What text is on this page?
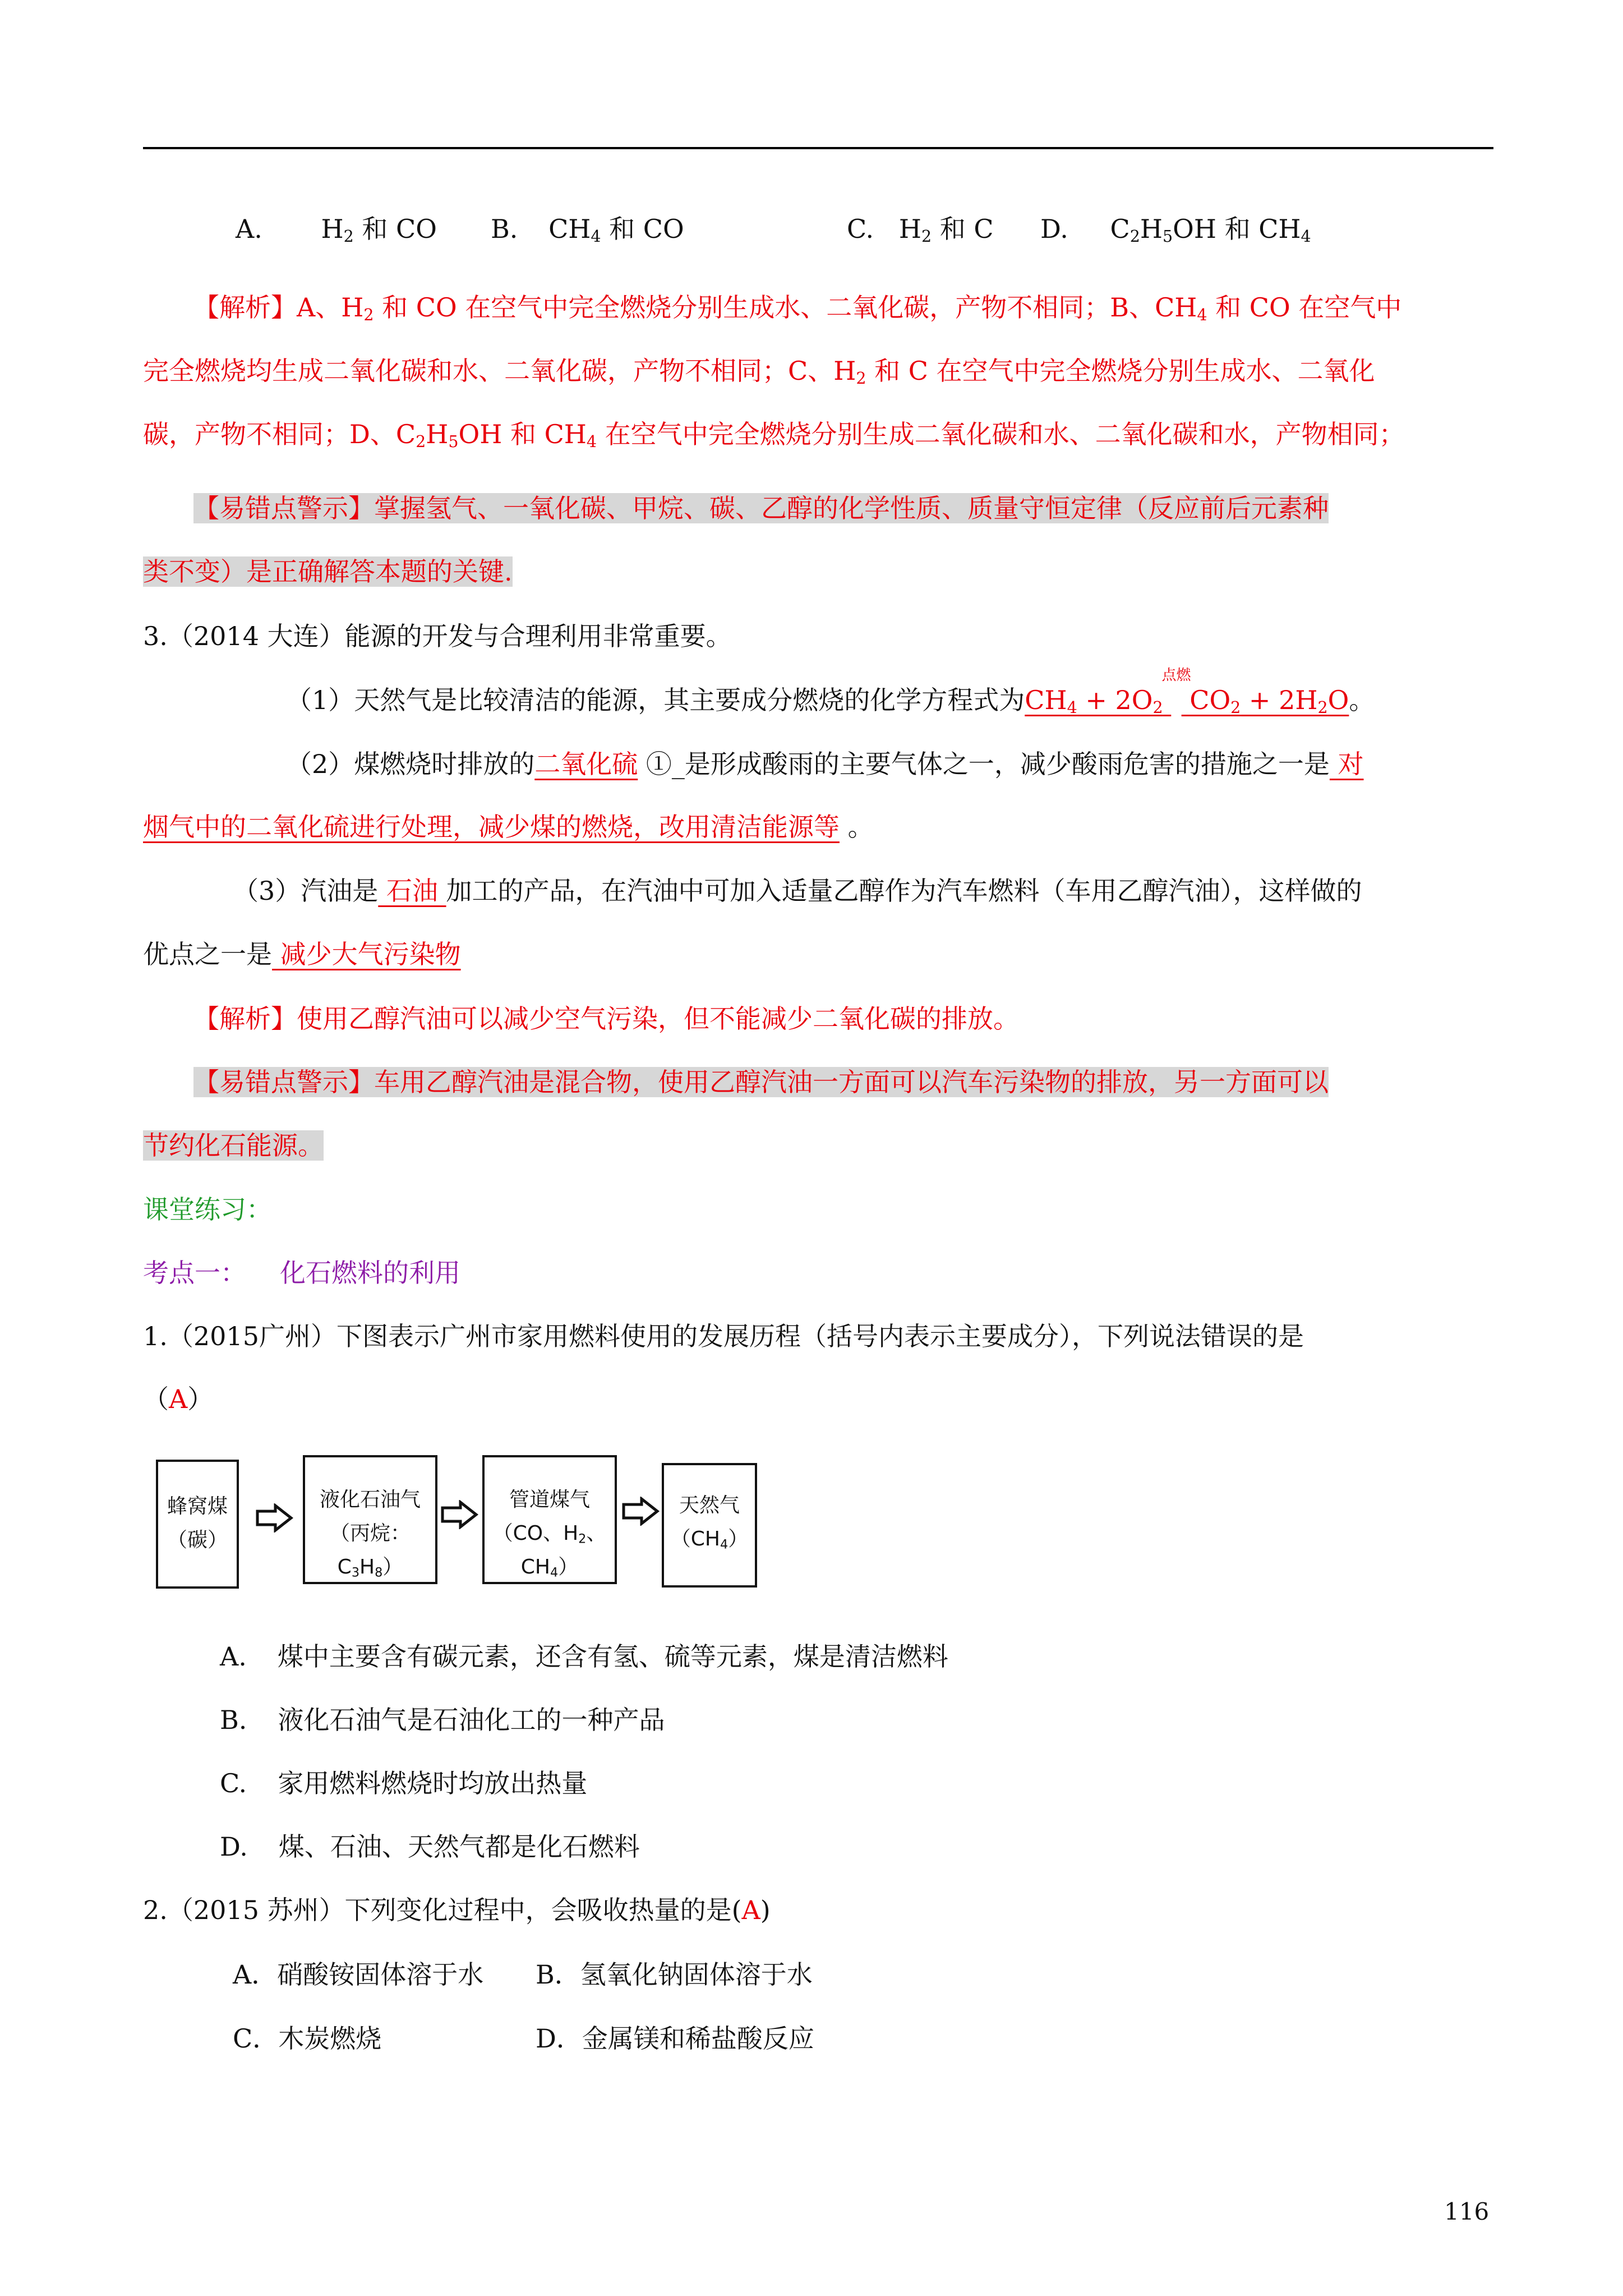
A. $H_2$ 和 CO B. $CH_4$ 和 CO	C. $H_2$ 和 C D. $C_2H_5OH$ 和 $CH_4$
【解析】A、$H_2$ 和 CO 在空气中完全燃烧分别生成水、二氧化碳，产物不相同；B、$CH_4$ 和 CO 在空气中
完全燃烧均生成二氧化碳和水、二氧化碳，产物不相同；C、$H_2$ 和 C 在空气中完全燃烧分别生成水、二氧化
碳，产物不相同；D、$C_2H_5OH$ 和 $CH_4$ 在空气中完全燃烧分别生成二氧化碳和水、二氧化碳和水，产物相同；
【易错点警示】掌握氢气、一氧化碳、甲烷、碳、乙醇的化学性质、质量守恒定律（反应前后元素种
类不变）是正确解答本题的关键.
3.（2014 大连）能源的开发与合理利用非常重要。
（1）天然气是比较清洁的能源，其主要成分燃烧的化学方程式为$CH_4 + 2O_2$
点燃
     $CO_2 + 2H_2O$。
（2）煤燃烧时排放的二氧化硫 ①_是形成酸雨的主要气体之一，减少酸雨危害的措施之一是 对
烟气中的二氧化硫进行处理，减少煤的燃烧，改用清洁能源等 。
（3）汽油是 石油 加工的产品，在汽油中可加入适量乙醇作为汽车燃料（车用乙醇汽油），这样做的
优点之一是 减少大气污染物
【解析】使用乙醇汽油可以减少空气污染，但不能减少二氧化碳的排放。
【易错点警示】车用乙醇汽油是混合物，使用乙醇汽油一方面可以汽车污染物的排放，另一方面可以
节约化石能源。
课堂练习：
考点一： 化石燃料的利用
1.（2015广州）下图表示广州市家用燃料使用的发展历程（括号内表示主要成分），下列说法错误的是
（A）
蜂窝煤
（碳）
液化石油气
（丙烷：$C_3H_8$）
管道煤气
（CO、$H_2$、$CH_4$）
天然气
$(CH_4)$
A. 煤中主要含有碳元素，还含有氢、硫等元素，煤是清洁燃料
B. 液化石油气是石油化工的一种产品
C. 家用燃料燃烧时均放出热量
D. 煤、石油、天然气都是化石燃料
2.（2015 苏州）下列变化过程中，会吸收热量的是(A)
A．硝酸铵固体溶于水 B．氢氧化钠固体溶于水
C．木炭燃烧	D．金属镁和稀盐酸反应
116
